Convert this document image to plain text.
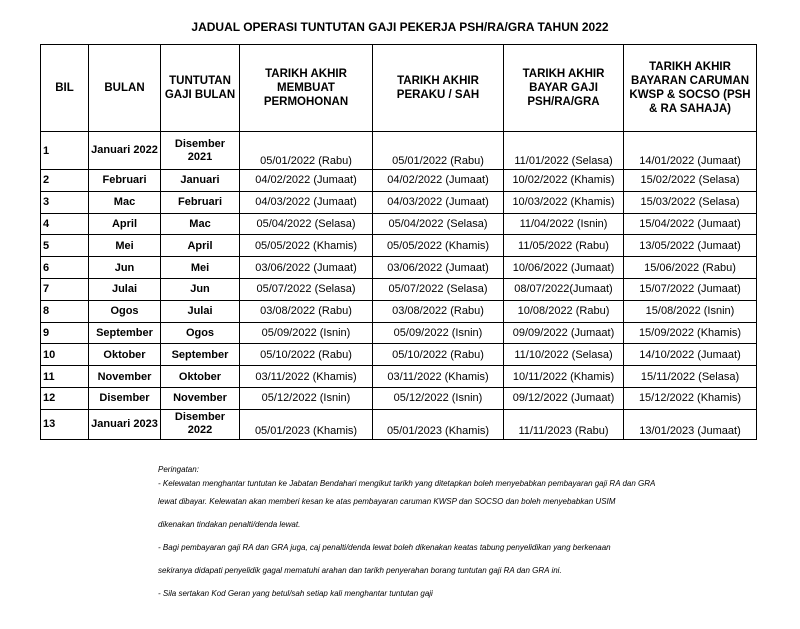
JADUAL OPERASI TUNTUTAN GAJI PEKERJA PSH/RA/GRA TAHUN 2022
BIL	BULAN	TUNTUTAN GAJI BULAN	TARIKH AKHIR MEMBUAT PERMOHONAN	TARIKH AKHIR PERAKU / SAH	TARIKH AKHIR BAYAR GAJI PSH/RA/GRA	TARIKH AKHIR BAYARAN CARUMAN KWSP & SOCSO (PSH & RA SAHAJA)
1	Januari 2022	Disember 2021	05/01/2022 (Rabu)	05/01/2022 (Rabu)	11/01/2022 (Selasa)	14/01/2022 (Jumaat)
2	Februari	Januari	04/02/2022 (Jumaat)	04/02/2022 (Jumaat)	10/02/2022 (Khamis)	15/02/2022 (Selasa)
3	Mac	Februari	04/03/2022 (Jumaat)	04/03/2022 (Jumaat)	10/03/2022 (Khamis)	15/03/2022 (Selasa)
4	April	Mac	05/04/2022 (Selasa)	05/04/2022 (Selasa)	11/04/2022 (Isnin)	15/04/2022 (Jumaat)
5	Mei	April	05/05/2022 (Khamis)	05/05/2022 (Khamis)	11/05/2022 (Rabu)	13/05/2022 (Jumaat)
6	Jun	Mei	03/06/2022 (Jumaat)	03/06/2022 (Jumaat)	10/06/2022 (Jumaat)	15/06/2022 (Rabu)
7	Julai	Jun	05/07/2022 (Selasa)	05/07/2022 (Selasa)	08/07/2022(Jumaat)	15/07/2022 (Jumaat)
8	Ogos	Julai	03/08/2022 (Rabu)	03/08/2022 (Rabu)	10/08/2022 (Rabu)	15/08/2022 (Isnin)
9	September	Ogos	05/09/2022 (Isnin)	05/09/2022 (Isnin)	09/09/2022 (Jumaat)	15/09/2022 (Khamis)
10	Oktober	September	05/10/2022 (Rabu)	05/10/2022 (Rabu)	11/10/2022 (Selasa)	14/10/2022 (Jumaat)
11	November	Oktober	03/11/2022 (Khamis)	03/11/2022 (Khamis)	10/11/2022 (Khamis)	15/11/2022 (Selasa)
12	Disember	November	05/12/2022 (Isnin)	05/12/2022 (Isnin)	09/12/2022 (Jumaat)	15/12/2022 (Khamis)
13	Januari 2023	Disember 2022	05/01/2023 (Khamis)	05/01/2023 (Khamis)	11/11/2023 (Rabu)	13/01/2023 (Jumaat)
Peringatan:
- Kelewatan menghantar tuntutan ke Jabatan Bendahari mengikut tarikh yang ditetapkan boleh menyebabkan pembayaran gaji RA dan GRA
lewat dibayar. Kelewatan akan memberi kesan ke atas pembayaran caruman KWSP dan SOCSO dan boleh menyebabkan USIM
dikenakan tindakan penalti/denda lewat.
- Bagi pembayaran gaji RA dan GRA juga, caj penalti/denda lewat boleh dikenakan keatas tabung penyelidikan yang berkenaan
sekiranya didapati penyelidik gagal mematuhi arahan dan tarikh penyerahan borang tuntutan gaji RA dan GRA ini.
- Sila sertakan Kod Geran yang betul/sah setiap kali menghantar tuntutan gaji
